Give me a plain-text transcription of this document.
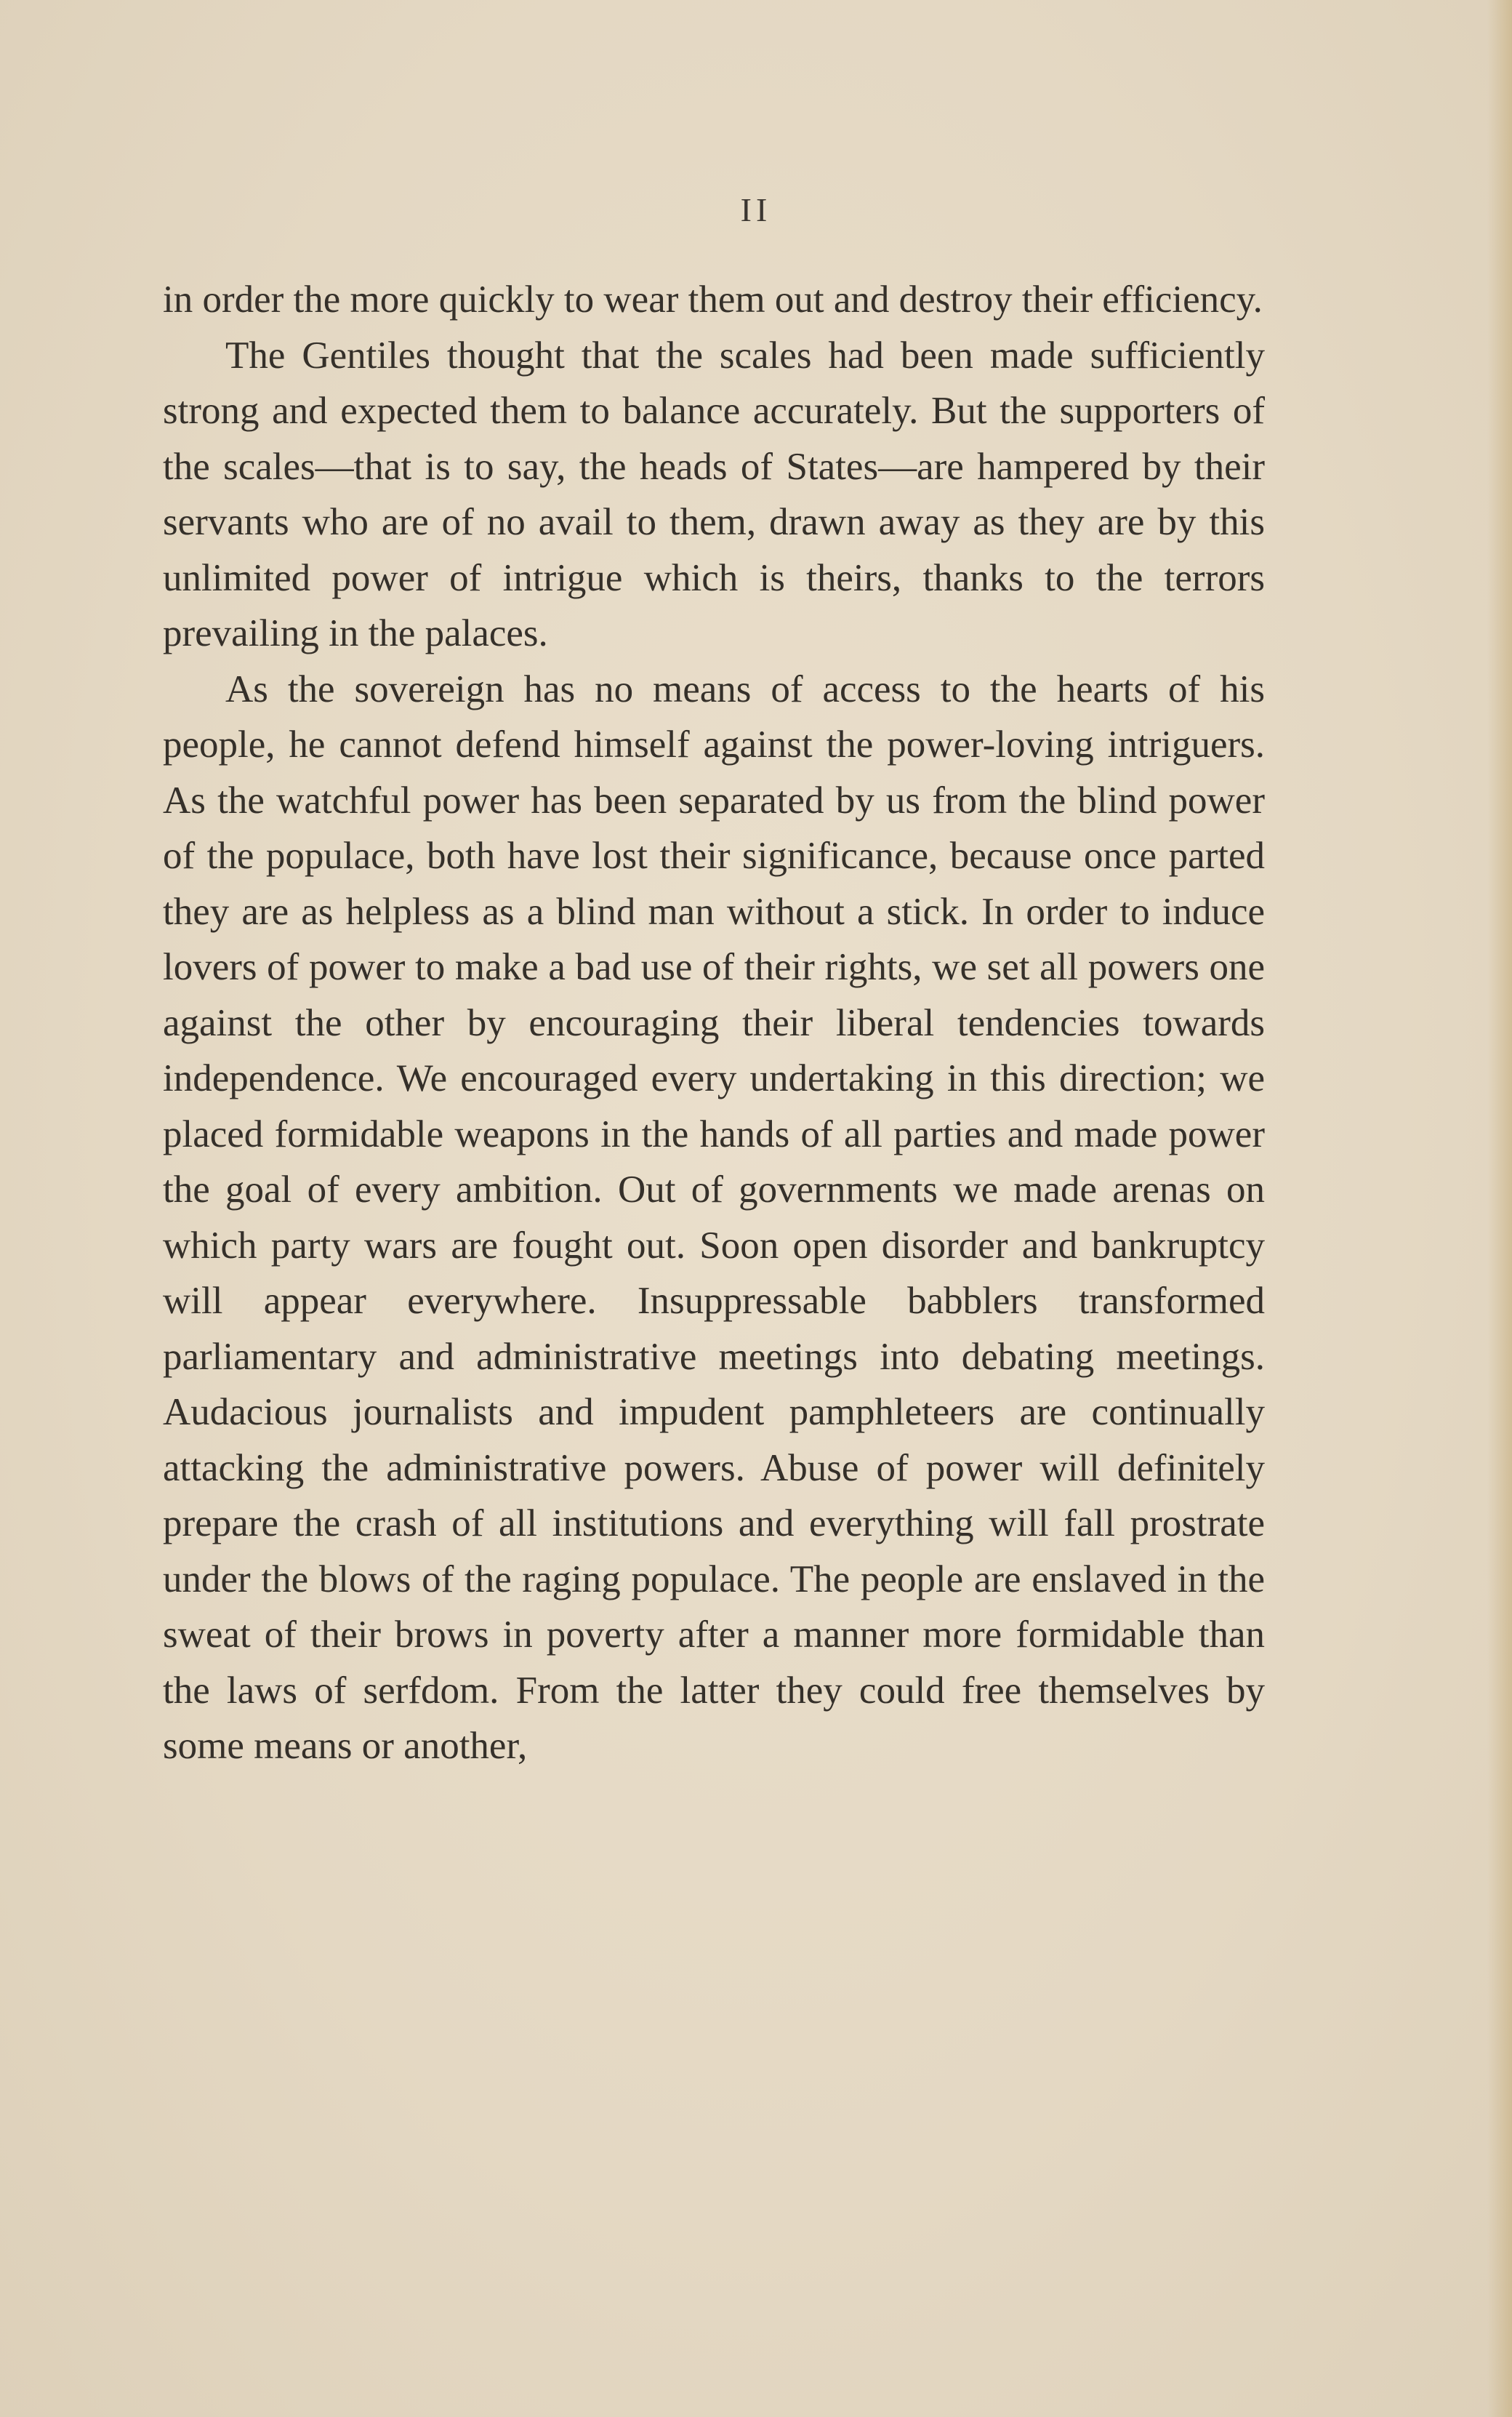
II

in order the more quickly to wear them out and destroy their efficiency.

The Gentiles thought that the scales had been made sufficiently strong and expected them to balance accurately. But the supporters of the scales—that is to say, the heads of States—are hampered by their servants who are of no avail to them, drawn away as they are by this unlimited power of intrigue which is theirs, thanks to the terrors prevailing in the palaces.

As the sovereign has no means of access to the hearts of his people, he cannot defend himself against the power-loving intriguers. As the watchful power has been separated by us from the blind power of the populace, both have lost their significance, because once parted they are as helpless as a blind man without a stick. In order to induce lovers of power to make a bad use of their rights, we set all powers one against the other by encouraging their liberal tendencies towards independence. We encouraged every undertaking in this direction; we placed formidable weapons in the hands of all parties and made power the goal of every ambition. Out of governments we made arenas on which party wars are fought out. Soon open disorder and bankruptcy will appear everywhere. Insuppressable babblers transformed parliamentary and administrative meetings into debating meetings. Audacious journalists and impudent pamphleteers are continually attacking the administrative powers. Abuse of power will definitely prepare the crash of all institutions and everything will fall prostrate under the blows of the raging populace. The people are enslaved in the sweat of their brows in poverty after a manner more formidable than the laws of serfdom. From the latter they could free themselves by some means or another,
